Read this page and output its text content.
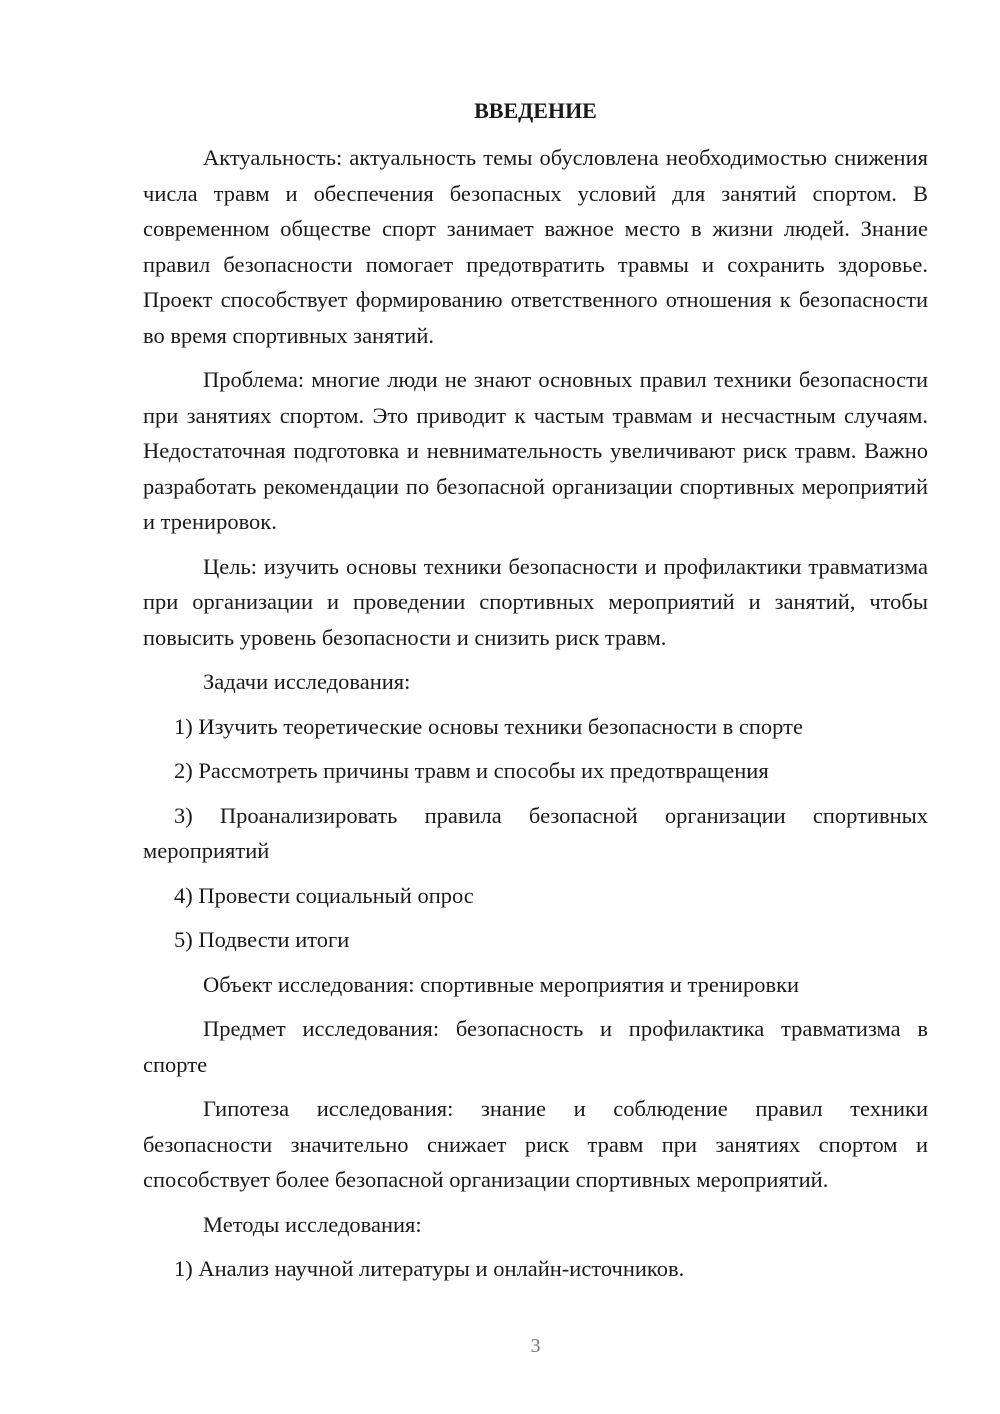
ВВЕДЕНИЕ

Актуальность: актуальность темы обусловлена необходимостью снижения числа травм и обеспечения безопасных условий для занятий спортом. В современном обществе спорт занимает важное место в жизни людей. Знание правил безопасности помогает предотвратить травмы и сохранить здоровье. Проект способствует формированию ответственного отношения к безопасности во время спортивных занятий.

Проблема: многие люди не знают основных правил техники безопасности при занятиях спортом. Это приводит к частым травмам и несчастным случаям. Недостаточная подготовка и невнимательность увеличивают риск травм. Важно разработать рекомендации по безопасной организации спортивных мероприятий и тренировок.

Цель: изучить основы техники безопасности и профилактики травматизма при организации и проведении спортивных мероприятий и занятий, чтобы повысить уровень безопасности и снизить риск травм.

Задачи исследования:

1) Изучить теоретические основы техники безопасности в спорте

2) Рассмотреть причины травм и способы их предотвращения

3) Проанализировать правила безопасной организации спортивных мероприятий

4) Провести социальный опрос

5) Подвести итоги

Объект исследования: спортивные мероприятия и тренировки

Предмет исследования: безопасность и профилактика травматизма в спорте

Гипотеза исследования: знание и соблюдение правил техники безопасности значительно снижает риск травм при занятиях спортом и способствует более безопасной организации спортивных мероприятий.

Методы исследования:

1) Анализ научной литературы и онлайн-источников.

3
